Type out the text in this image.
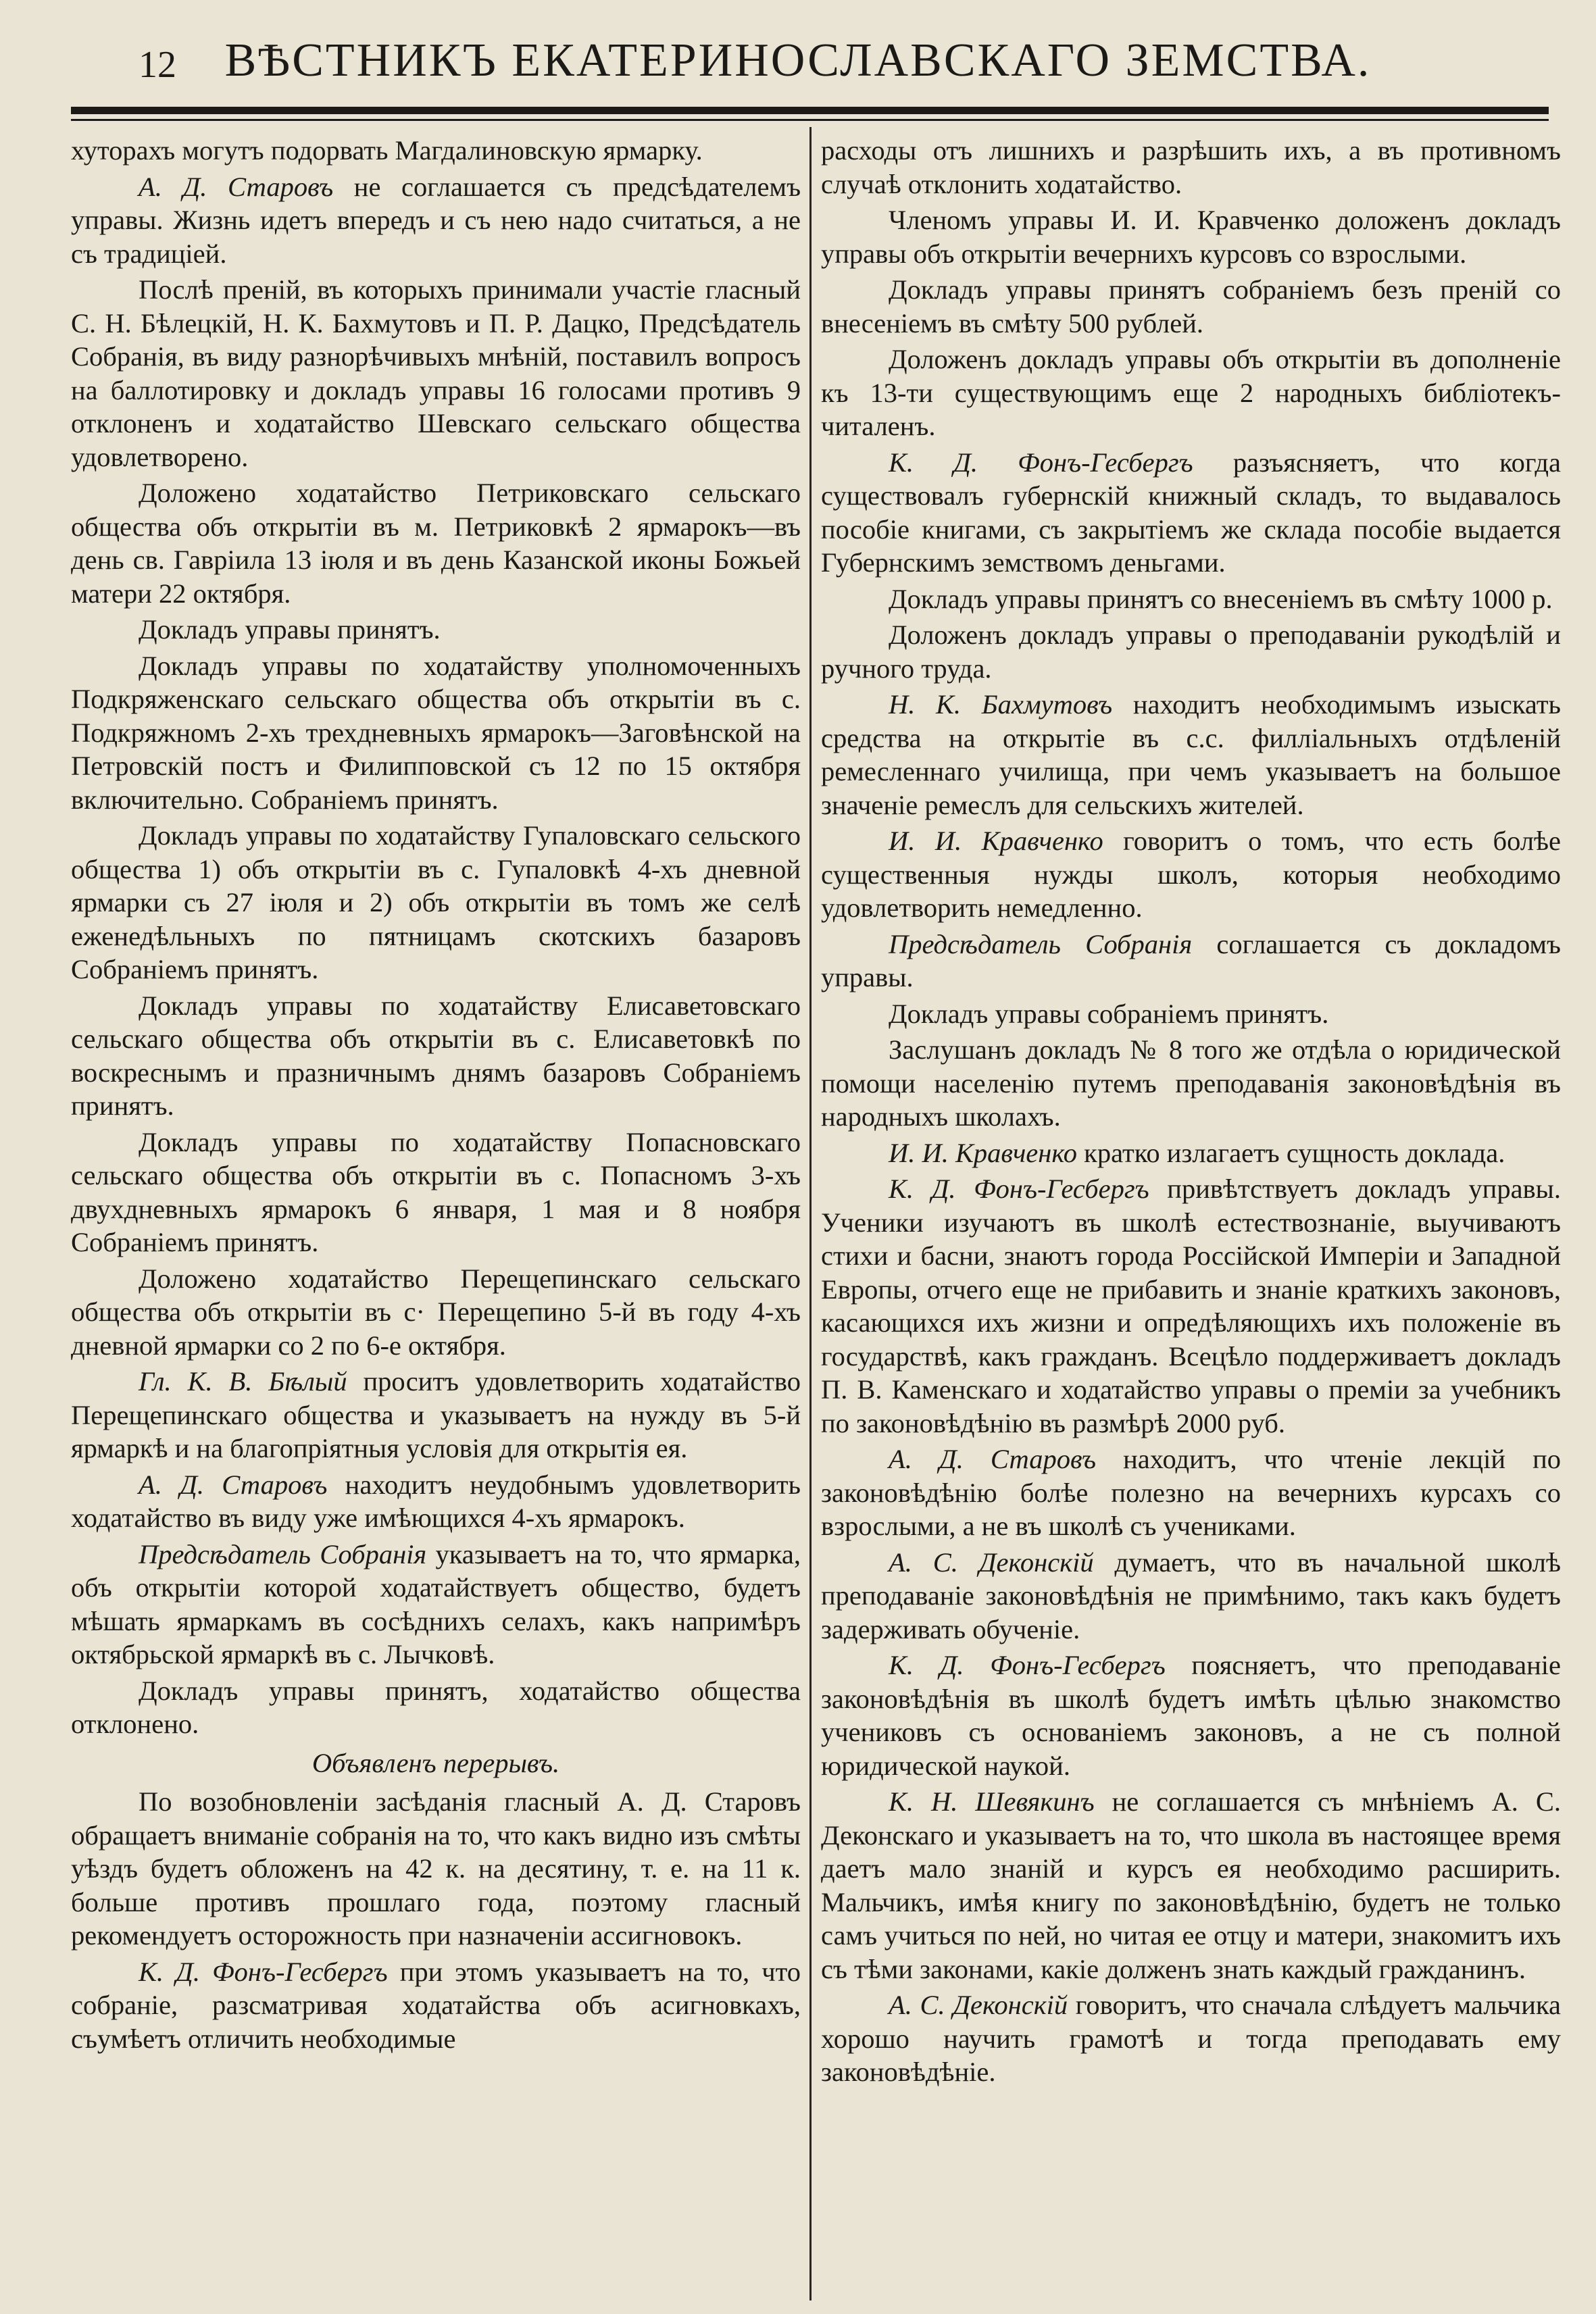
12	ВѢСТНИКЪ ЕКАТЕРИНОСЛАВСКАГО ЗЕМСТВА.

хуторахъ могутъ подорвать Магдалиновскую ярмарку.

А. Д. Старовъ не соглашается съ предсѣдателемъ управы. Жизнь идетъ впередъ и съ нею надо считаться, а не съ традиціей.

Послѣ преній, въ которыхъ принимали участіе гласный С. Н. Бѣлецкій, Н. К. Бахмутовъ и П. Р. Дацко, Предсѣдатель Собранія, въ виду разнорѣчивыхъ мнѣній, поставилъ вопросъ на баллотировку и докладъ управы 16 голосами противъ 9 отклоненъ и ходатайство Шевскаго сельскаго общества удовлетворено.

Доложено ходатайство Петриковскаго сельскаго общества объ открытіи въ м. Петриковкѣ 2 ярмарокъ—въ день св. Гавріила 13 іюля и въ день Казанской иконы Божьей матери 22 октября.

Докладъ управы принятъ.

Докладъ управы по ходатайству уполномоченныхъ Подкряженскаго сельскаго общества объ открытіи въ с. Подкряжномъ 2-хъ трехдневныхъ ярмарокъ—Заговѣнской на Петровскій постъ и Филипповской съ 12 по 15 октября включительно. Собраніемъ принятъ.

Докладъ управы по ходатайству Гупаловскаго сельского общества 1) объ открытіи въ с. Гупаловкѣ 4-хъ дневной ярмарки съ 27 іюля и 2) объ открытіи въ томъ же селѣ еженедѣльныхъ по пятницамъ скотскихъ базаровъ Собраніемъ принятъ.

Докладъ управы по ходатайству Елисаветовскаго сельскаго общества объ открытіи въ с. Елисаветовкѣ по воскреснымъ и празничнымъ днямъ базаровъ Собраніемъ принятъ.

Докладъ управы по ходатайству Попасновскаго сельскаго общества объ открытіи въ с. Попасномъ 3-хъ двухдневныхъ ярмарокъ 6 января, 1 мая и 8 ноября Собраніемъ принятъ.

Доложено ходатайство Перещепинскаго сельскаго общества объ открытіи въ с· Перещепино 5-й въ году 4-хъ дневной ярмарки со 2 по 6-е октября.

Гл. К. В. Бѣлый проситъ удовлетворить ходатайство Перещепинскаго общества и указываетъ на нужду въ 5-й ярмаркѣ и на благопріятныя условія для открытія ея.

А. Д. Старовъ находитъ неудобнымъ удовлетворить ходатайство въ виду уже имѣющихся 4-хъ ярмарокъ.

Предсѣдатель Собранія указываетъ на то, что ярмарка, объ открытіи которой ходатайствуетъ общество, будетъ мѣшать ярмаркамъ въ сосѣднихъ селахъ, какъ напримѣръ октябрьской ярмаркѣ въ с. Лычковѣ.

Докладъ управы принятъ, ходатайство общества отклонено.

Объявленъ перерывъ.

По возобновленіи засѣданія гласный А. Д. Старовъ обращаетъ вниманіе собранія на то, что какъ видно изъ смѣты уѣздъ будетъ обложенъ на 42 к. на десятину, т. е. на 11 к. больше противъ прошлаго года, поэтому гласный рекомендуетъ осторожность при назначеніи ассигновокъ.

К. Д. Фонъ-Гесбергъ при этомъ указываетъ на то, что собраніе, разсматривая ходатайства объ асигновкахъ, съумѣетъ отличить необходимые

расходы отъ лишнихъ и разрѣшить ихъ, а въ противномъ случаѣ отклонить ходатайство.

Членомъ управы И. И. Кравченко доложенъ докладъ управы объ открытіи вечернихъ курсовъ со взрослыми.

Докладъ управы принятъ собраніемъ безъ преній со внесеніемъ въ смѣту 500 рублей.

Доложенъ докладъ управы объ открытіи въ дополненіе къ 13-ти существующимъ еще 2 народныхъ библіотекъ-читаленъ.

К. Д. Фонъ-Гесбергъ разъясняетъ, что когда существовалъ губернскій книжный складъ, то выдавалось пособіе книгами, съ закрытіемъ же склада пособіе выдается Губернскимъ земствомъ деньгами.

Докладъ управы принятъ со внесеніемъ въ смѣту 1000 р.

Доложенъ докладъ управы о преподаваніи рукодѣлій и ручного труда.

Н. К. Бахмутовъ находитъ необходимымъ изыскать средства на открытіе въ с.с. филліальныхъ отдѣленій ремесленнаго училища, при чемъ указываетъ на большое значеніе ремеслъ для сельскихъ жителей.

И. И. Кравченко говоритъ о томъ, что есть болѣе существенныя нужды школъ, которыя необходимо удовлетворить немедленно.

Предсѣдатель Собранія соглашается съ докладомъ управы.

Докладъ управы собраніемъ принятъ.

Заслушанъ докладъ № 8 того же отдѣла о юридической помощи населенію путемъ преподаванія законовѣдѣнія въ народныхъ школахъ.

И. И. Кравченко кратко излагаетъ сущность доклада.

К. Д. Фонъ-Гесбергъ привѣтствуетъ докладъ управы. Ученики изучаютъ въ школѣ естествознаніе, выучиваютъ стихи и басни, знаютъ города Россійской Имперіи и Западной Европы, отчего еще не прибавить и знаніе краткихъ законовъ, касающихся ихъ жизни и опредѣляющихъ ихъ положеніе въ государствѣ, какъ гражданъ. Всецѣло поддерживаетъ докладъ П. В. Каменскаго и ходатайство управы о преміи за учебникъ по законовѣдѣнію въ размѣрѣ 2000 руб.

А. Д. Старовъ находитъ, что чтеніе лекцій по законовѣдѣнію болѣе полезно на вечернихъ курсахъ со взрослыми, а не въ школѣ съ учениками.

А. С. Деконскій думаетъ, что въ начальной школѣ преподаваніе законовѣдѣнія не примѣнимо, такъ какъ будетъ задерживать обученіе.

К. Д. Фонъ-Гесбергъ поясняетъ, что преподаваніе законовѣдѣнія въ школѣ будетъ имѣть цѣлью знакомство учениковъ съ основаніемъ законовъ, а не съ полной юридической наукой.

К. Н. Шевякинъ не соглашается съ мнѣніемъ А. С. Деконскаго и указываетъ на то, что школа въ настоящее время даетъ мало знаній и курсъ ея необходимо расширить. Мальчикъ, имѣя книгу по законовѣдѣнію, будетъ не только самъ учиться по ней, но читая ее отцу и матери, знакомитъ ихъ съ тѣми законами, какіе долженъ знать каждый гражданинъ.

А. С. Деконскій говоритъ, что сначала слѣдуетъ мальчика хорошо научить грамотѣ и тогда преподавать ему законовѣдѣніе.
